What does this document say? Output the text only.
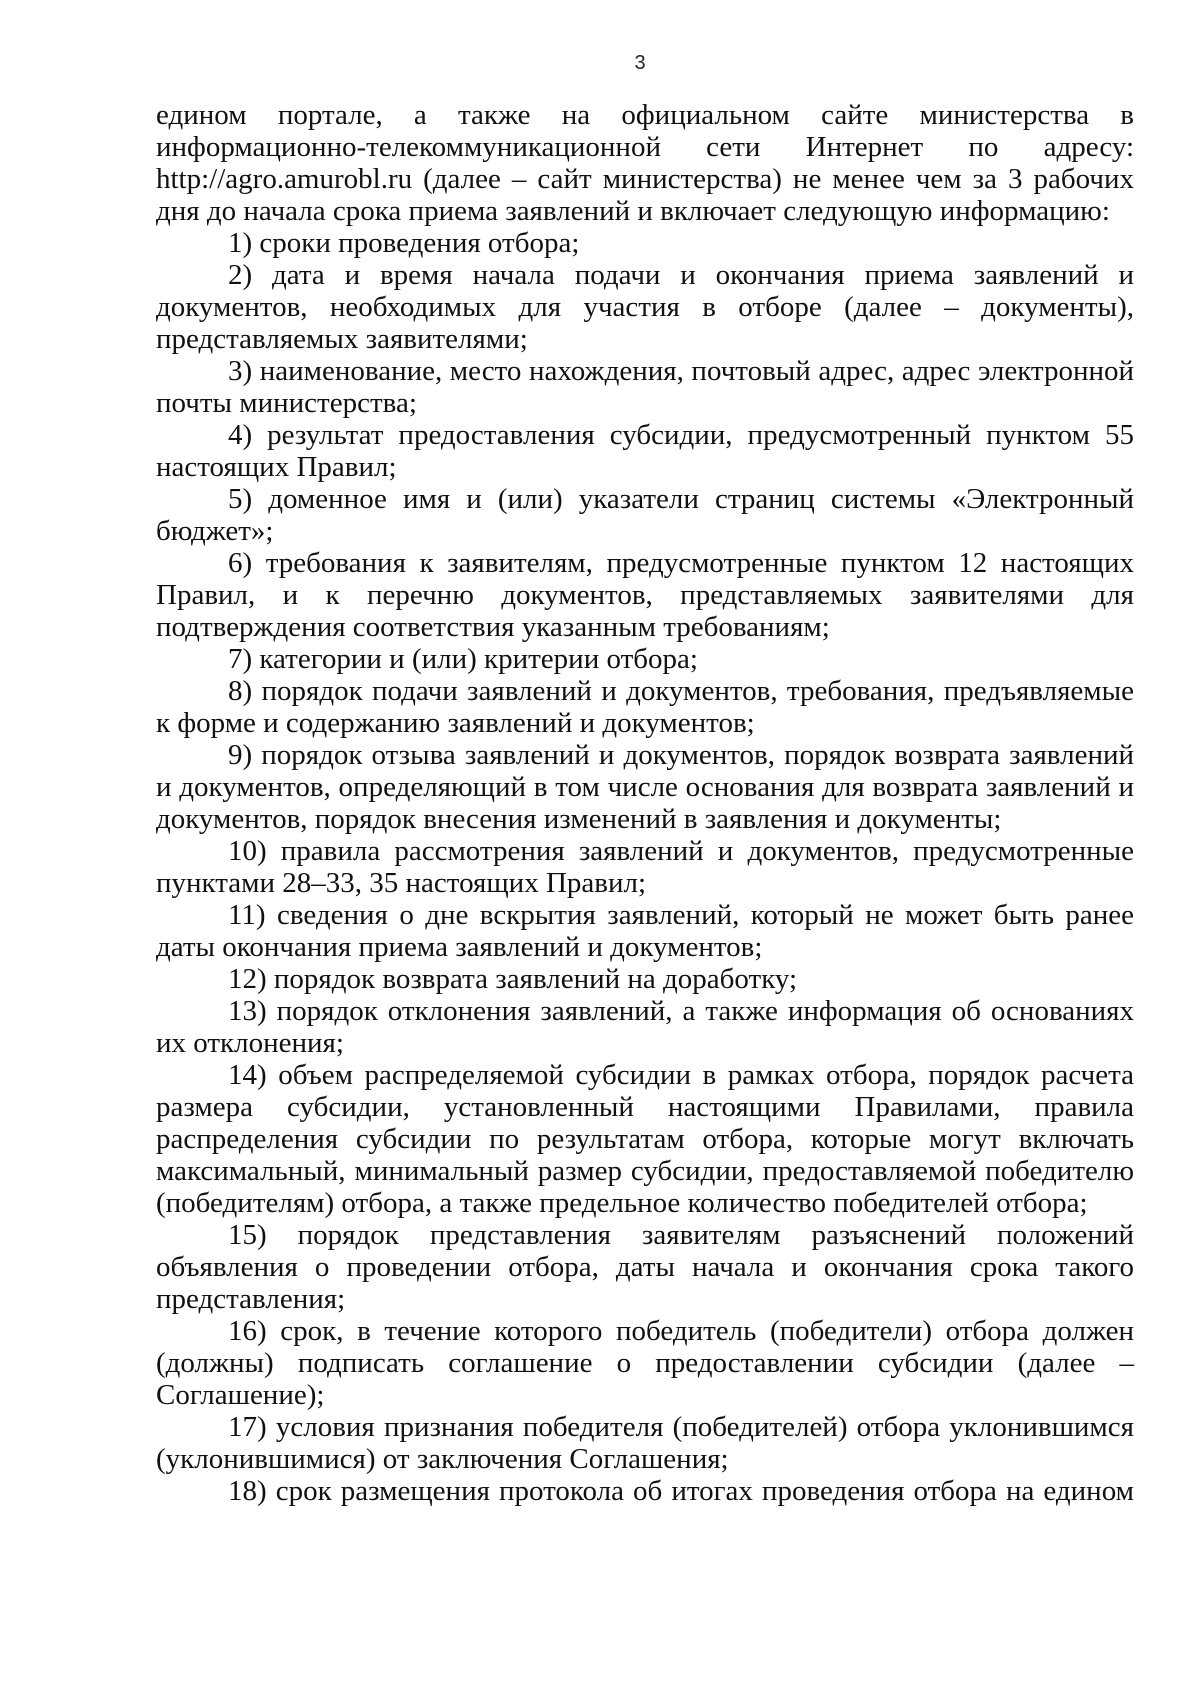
3

едином портале, а также на официальном сайте министерства в информационно-телекоммуникационной сети Интернет по адресу: http://agro.amurobl.ru (далее – сайт министерства) не менее чем за 3 рабочих дня до начала срока приема заявлений и включает следующую информацию:

1) сроки проведения отбора;

2) дата и время начала подачи и окончания приема заявлений и документов, необходимых для участия в отборе (далее – документы), представляемых заявителями;

3) наименование, место нахождения, почтовый адрес, адрес электронной почты министерства;

4) результат предоставления субсидии, предусмотренный пунктом 55 настоящих Правил;

5) доменное имя и (или) указатели страниц системы «Электронный бюджет»;

6) требования к заявителям, предусмотренные пунктом 12 настоящих Правил, и к перечню документов, представляемых заявителями для подтверждения соответствия указанным требованиям;

7) категории и (или) критерии отбора;

8) порядок подачи заявлений и документов, требования, предъявляемые к форме и содержанию заявлений и документов;

9) порядок отзыва заявлений и документов, порядок возврата заявлений и документов, определяющий в том числе основания для возврата заявлений и документов, порядок внесения изменений в заявления и документы;

10) правила рассмотрения заявлений и документов, предусмотренные пунктами 28–33, 35 настоящих Правил;

11) сведения о дне вскрытия заявлений, который не может быть ранее даты окончания приема заявлений и документов;

12) порядок возврата заявлений на доработку;

13) порядок отклонения заявлений, а также информация об основаниях их отклонения;

14) объем распределяемой субсидии в рамках отбора, порядок расчета размера субсидии, установленный настоящими Правилами, правила распределения субсидии по результатам отбора, которые могут включать максимальный, минимальный размер субсидии, предоставляемой победителю (победителям) отбора, а также предельное количество победителей отбора;

15) порядок представления заявителям разъяснений положений объявления о проведении отбора, даты начала и окончания срока такого представления;

16) срок, в течение которого победитель (победители) отбора должен (должны) подписать соглашение о предоставлении субсидии (далее – Соглашение);

17) условия признания победителя (победителей) отбора уклонившимся (уклонившимися) от заключения Соглашения;

18) срок размещения протокола об итогах проведения отбора на едином
